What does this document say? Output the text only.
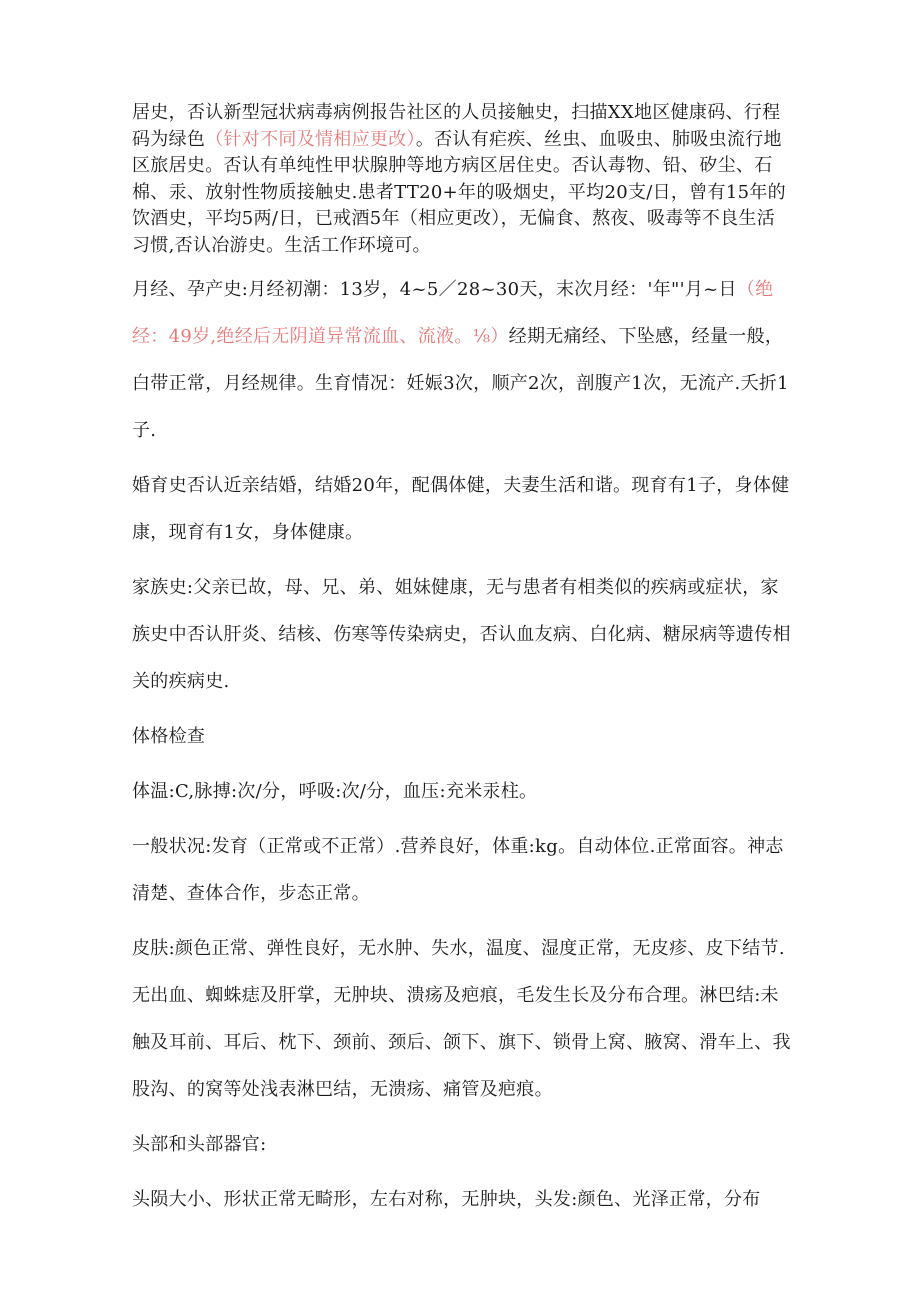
居史，否认新型冠状病毒病例报告社区的人员接触史，扫描XX地区健康码、行程码为绿色（针对不同及情相应更改）。否认有疟疾、丝虫、血吸虫、肺吸虫流行地区旅居史。否认有单纯性甲状腺肿等地方病区居住史。否认毒物、铅、矽尘、石棉、汞、放射性物质接触史.患者TT20+年的吸烟史，平均20支/日，曾有15年的饮酒史，平均5两/日，已戒酒5年（相应更改），无偏食、熬夜、吸毒等不良生活习惯,否认冶游史。生活工作环境可。

月经、孕产史:月经初潮：13岁，4~5／28~30天，末次月经：'年"'月~日（绝经：49岁,绝经后无阴道异常流血、流液。⅛）经期无痛经、下坠感，经量一般，白带正常，月经规律。生育情况：妊娠3次，顺产2次，剖腹产1次，无流产.夭折1子.

婚育史否认近亲结婚，结婚20年，配偶体健，夫妻生活和谐。现育有1子，身体健康，现育有1女，身体健康。

家族史:父亲已故，母、兄、弟、姐妹健康，无与患者有相类似的疾病或症状，家族史中否认肝炎、结核、伤寒等传染病史，否认血友病、白化病、糖尿病等遗传相关的疾病史.

体格检查

体温:C,脉搏:次/分，呼吸:次/分，血压:充米汞柱。

一般状况:发育（正常或不正常）.营养良好，体重:kg。自动体位.正常面容。神志清楚、查体合作，步态正常。

皮肤:颜色正常、弹性良好，无水肿、失水，温度、湿度正常，无皮疹、皮下结节.无出血、蜘蛛痣及肝掌，无肿块、溃疡及疤痕，毛发生长及分布合理。淋巴结:未触及耳前、耳后、枕下、颈前、颈后、颌下、旗下、锁骨上窝、腋窝、滑车上、我股沟、的窝等处浅表淋巴结，无溃疡、痛管及疤痕。

头部和头部器官:

头陨大小、形状正常无畸形，左右对称，无肿块，头发:颜色、光泽正常，分布
